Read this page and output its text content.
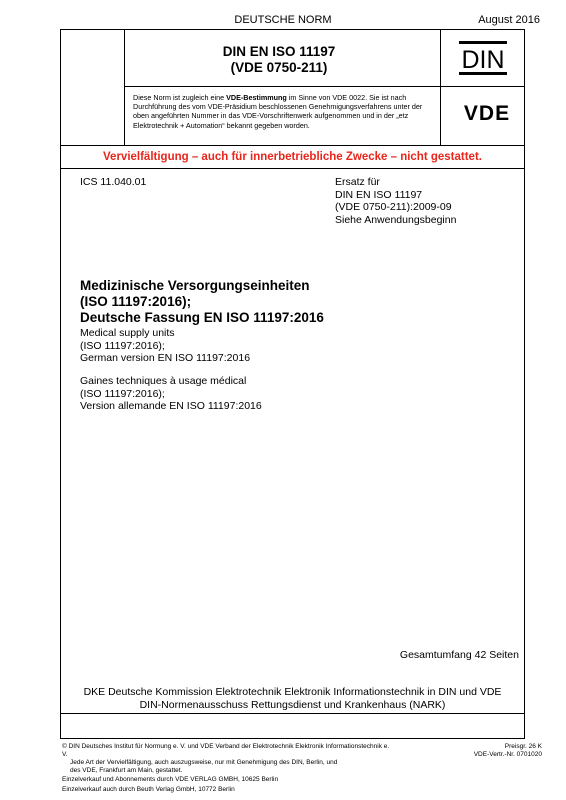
DEUTSCHE NORM	August 2016
DIN EN ISO 11197
(VDE 0750-211)	DIN
Diese Norm ist zugleich eine VDE-Bestimmung im Sinne von VDE 0022. Sie ist nach Durchführung des vom VDE-Präsidium beschlossenen Genehmigungsverfahrens unter der oben angeführten Nummer in das VDE-Vorschriftenwerk aufgenommen und in der „etz Elektrotechnik + Automation“ bekannt gegeben worden.
VDE
Vervielfältigung – auch für innerbetriebliche Zwecke – nicht gestattet.
ICS 11.040.01	Ersatz für
DIN EN ISO 11197
(VDE 0750-211):2009-09
Siehe Anwendungsbeginn
Medizinische Versorgungseinheiten
(ISO 11197:2016);
Deutsche Fassung EN ISO 11197:2016
Medical supply units
(ISO 11197:2016);
German version EN ISO 11197:2016
Gaines techniques à usage médical
(ISO 11197:2016);
Version allemande EN ISO 11197:2016
Gesamtumfang 42 Seiten
DKE Deutsche Kommission Elektrotechnik Elektronik Informationstechnik in DIN und VDE
DIN-Normenausschuss Rettungsdienst und Krankenhaus (NARK)
© DIN Deutsches Institut für Normung e. V. und VDE Verband der Elektrotechnik Elektronik Informationstechnik e. V.
Jede Art der Vervielfältigung, auch auszugsweise, nur mit Genehmigung des DIN, Berlin, und
des VDE, Frankfurt am Main, gestattet.
Einzelverkauf und Abonnements durch VDE VERLAG GMBH, 10625 Berlin
Einzelverkauf auch durch Beuth Verlag GmbH, 10772 Berlin
Preisgr. 26 K
VDE-Vertr.-Nr. 0701020
